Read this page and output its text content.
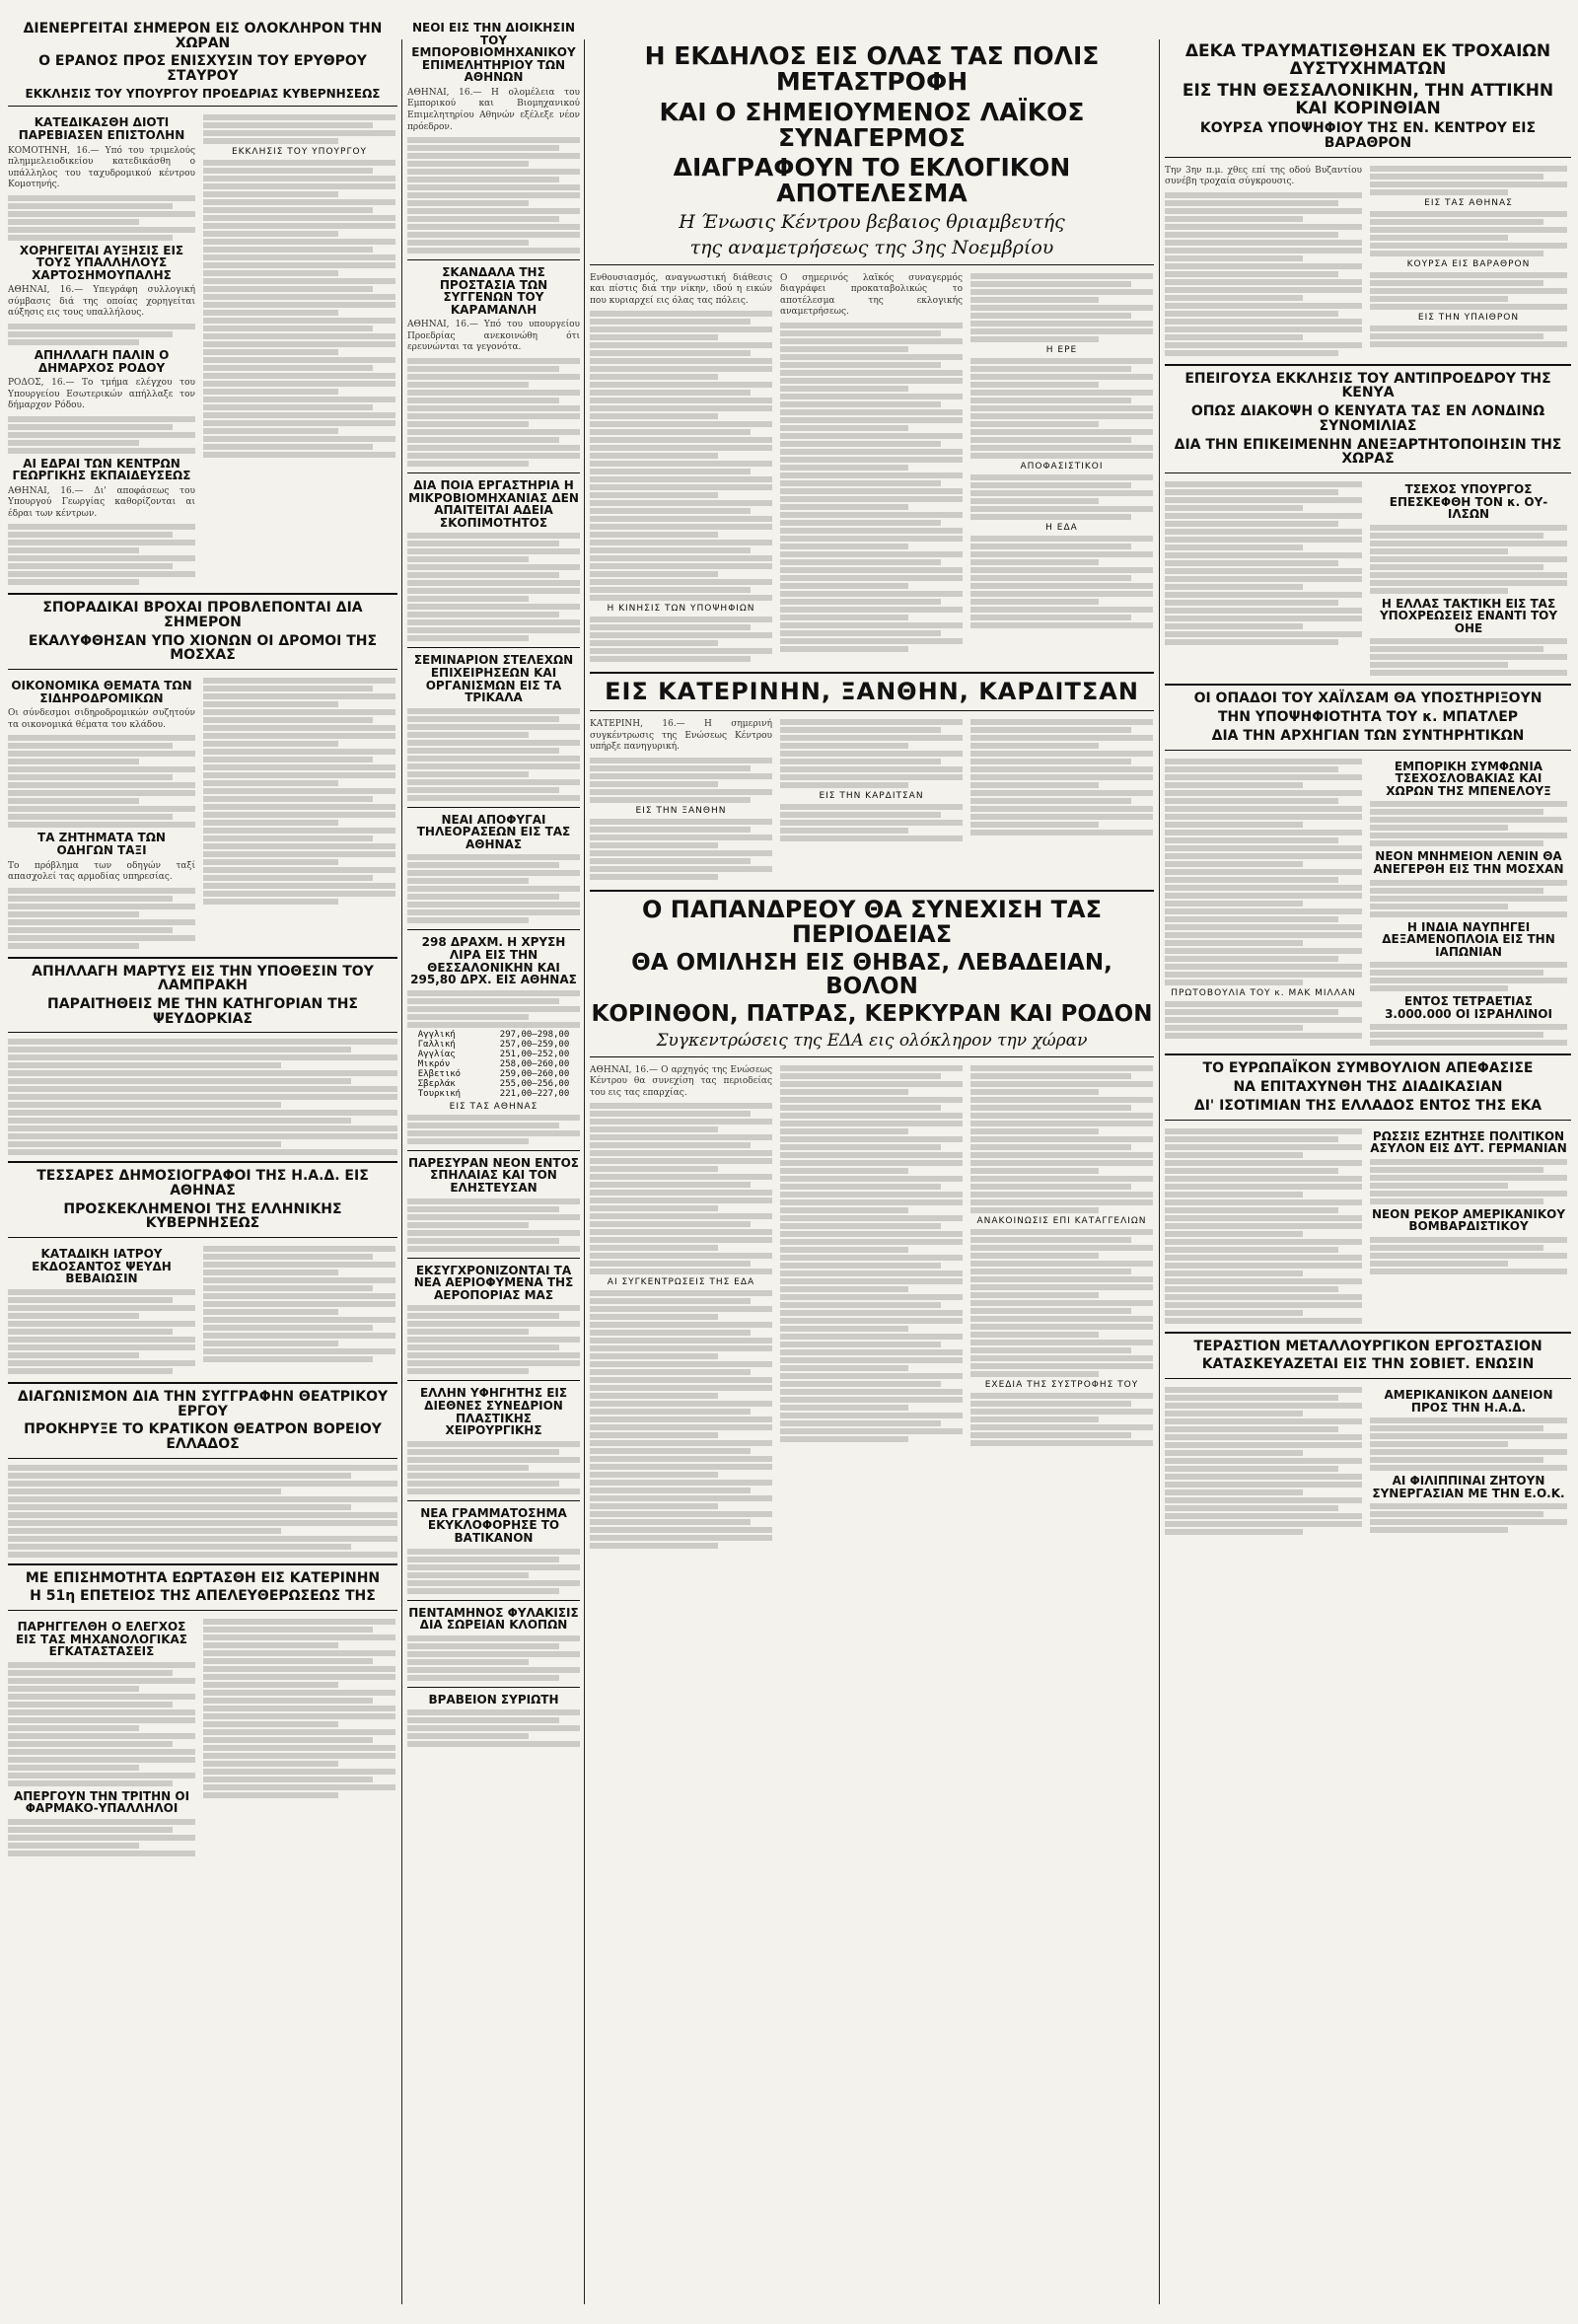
ΔΙΕΝΕΡΓΕΙΤΑΙ ΣΗΜΕΡΟΝ ΕΙΣ ΟΛΟΚΛΗΡΟΝ ΤΗΝ ΧΩΡΑΝ
Ο ΕΡΑΝΟΣ ΠΡΟΣ ΕΝΙΣΧΥΣΙΝ ΤΟΥ ΕΡΥΘΡΟΥ ΣΤΑΥΡΟΥ
ΕΚΚΛΗΣΙΣ ΤΟΥ ΥΠΟΥΡΓΟΥ ΠΡΟΕΔΡΙΑΣ ΚΥΒΕΡΝΗΣΕΩΣ
ΚΑΤΕΔΙΚΑΣΘΗ ΔΙΟΤΙ ΠΑΡΕΒΙΑΣΕΝ ΕΠΙΣΤΟΛΗΝ
ΚΟΜΟΤΗΝΗ, 16.— Υπό του τριμελούς πλημμελειοδικείου κατεδικάσθη ο υπάλληλος του ταχυδρομικού κέντρου Κομοτηνής.
ΧΟΡΗΓΕΙΤΑΙ ΑΥΞΗΣΙΣ ΕΙΣ ΤΟΥΣ ΥΠΑΛΛΗΛΟΥΣ ΧΑΡΤΟΣΗΜΟΥΠΑΛΗΣ
ΑΘΗΝΑΙ, 16.— Υπεγράφη συλλογική σύμβασις διά της οποίας χορηγείται αύξησις εις τους υπαλλήλους.
ΑΠΗΛΛΑΓΗ ΠΑΛΙΝ Ο ΔΗΜΑΡΧΟΣ ΡΟΔΟΥ
ΡΟΔΟΣ, 16.— Το τμήμα ελέγχου του Υπουργείου Εσωτερικών απήλλαξε τον δήμαρχον Ρόδου.
ΑΙ ΕΔΡΑΙ ΤΩΝ ΚΕΝΤΡΩΝ ΓΕΩΡΓΙΚΗΣ ΕΚΠΑΙΔΕΥΣΕΩΣ
ΑΘΗΝΑΙ, 16.— Δι' αποφάσεως του Υπουργού Γεωργίας καθορίζονται αι έδραι των κέντρων.
ΕΚΚΛΗΣΙΣ ΤΟΥ ΥΠΟΥΡΓΟΥ
ΣΠΟΡΑΔΙΚΑΙ ΒΡΟΧΑΙ ΠΡΟΒΛΕΠΟΝΤΑΙ ΔΙΑ ΣΗΜΕΡΟΝ
ΕΚΑΛΥΦΘΗΣΑΝ ΥΠΟ ΧΙΟΝΩΝ ΟΙ ΔΡΟΜΟΙ ΤΗΣ ΜΟΣΧΑΣ
ΟΙΚΟΝΟΜΙΚΑ ΘΕΜΑΤΑ ΤΩΝ ΣΙΔΗΡΟΔΡΟΜΙΚΩΝ
Οι σύνδεσμοι σιδηροδρομικών συζητούν τα οικονομικά θέματα του κλάδου.
ΤΑ ΖΗΤΗΜΑΤΑ ΤΩΝ ΟΔΗΓΩΝ ΤΑΞΙ
Το πρόβλημα των οδηγών ταξί απασχολεί τας αρμοδίας υπηρεσίας.
ΑΠΗΛΛΑΓΗ ΜΑΡΤΥΣ ΕΙΣ ΤΗΝ ΥΠΟΘΕΣΙΝ ΤΟΥ ΛΑΜΠΡΑΚΗ
ΠΑΡΑΙΤΗΘΕΙΣ ΜΕ ΤΗΝ ΚΑΤΗΓΟΡΙΑΝ ΤΗΣ ΨΕΥΔΟΡΚΙΑΣ
ΤΕΣΣΑΡΕΣ ΔΗΜΟΣΙΟΓΡΑΦΟΙ ΤΗΣ Η.Α.Δ. ΕΙΣ ΑΘΗΝΑΣ
ΠΡΟΣΚΕΚΛΗΜΕΝΟΙ ΤΗΣ ΕΛΛΗΝΙΚΗΣ ΚΥΒΕΡΝΗΣΕΩΣ
ΚΑΤΑΔΙΚΗ ΙΑΤΡΟΥ ΕΚΔΟΣΑΝΤΟΣ ΨΕΥΔΗ ΒΕΒΑΙΩΣΙΝ
ΔΙΑΓΩΝΙΣΜΟΝ ΔΙΑ ΤΗΝ ΣΥΓΓΡΑΦΗΝ ΘΕΑΤΡΙΚΟΥ ΕΡΓΟΥ
ΠΡΟΚΗΡΥΞΕ ΤΟ ΚΡΑΤΙΚΟΝ ΘΕΑΤΡΟΝ ΒΟΡΕΙΟΥ ΕΛΛΑΔΟΣ
ΜΕ ΕΠΙΣΗΜΟΤΗΤΑ ΕΩΡΤΑΣΘΗ ΕΙΣ ΚΑΤΕΡΙΝΗΝ
Η 51η ΕΠΕΤΕΙΟΣ ΤΗΣ ΑΠΕΛΕΥΘΕΡΩΣΕΩΣ ΤΗΣ
ΠΑΡΗΓΓΕΛΘΗ Ο ΕΛΕΓΧΟΣ ΕΙΣ ΤΑΣ ΜΗΧΑΝΟΛΟΓΙΚΑΣ ΕΓΚΑΤΑΣΤΑΣΕΙΣ
ΑΠΕΡΓΟΥΝ ΤΗΝ ΤΡΙΤΗΝ ΟΙ ΦΑΡΜΑΚΟ-ΥΠΑΛΛΗΛΟΙ
ΝΕΟΙ ΕΙΣ ΤΗΝ ΔΙΟΙΚΗΣΙΝ ΤΟΥ ΕΜΠΟΡΟΒΙΟΜΗΧΑΝΙΚΟΥ ΕΠΙΜΕΛΗΤΗΡΙΟΥ ΤΩΝ ΑΘΗΝΩΝ
ΑΘΗΝΑΙ, 16.— Η ολομέλεια του Εμπορικού και Βιομηχανικού Επιμελητηρίου Αθηνών εξέλεξε νέον πρόεδρον.
ΣΚΑΝΔΑΛΑ ΤΗΣ ΠΡΟΣΤΑΣΙΑ ΤΩΝ ΣΥΓΓΕΝΩΝ ΤΟΥ ΚΑΡΑΜΑΝΛΗ
ΑΘΗΝΑΙ, 16.— Υπό του υπουργείου Προεδρίας ανεκοινώθη ότι ερευνώνται τα γεγονότα.
ΔΙΑ ΠΟΙΑ ΕΡΓΑΣΤΗΡΙΑ Η ΜΙΚΡΟΒΙΟΜΗΧΑΝΙΑΣ ΔΕΝ ΑΠΑΙΤΕΙΤΑΙ ΑΔΕΙΑ ΣΚΟΠΙΜΟΤΗΤΟΣ
ΣΕΜΙΝΑΡΙΟΝ ΣΤΕΛΕΧΩΝ ΕΠΙΧΕΙΡΗΣΕΩΝ ΚΑΙ ΟΡΓΑΝΙΣΜΩΝ ΕΙΣ ΤΑ ΤΡΙΚΑΛΑ
ΝΕΑΙ ΑΠΟΦΥΓΑΙ ΤΗΛΕΟΡΑΣΕΩΝ ΕΙΣ ΤΑΣ ΑΘΗΝΑΣ
298 ΔΡΑΧΜ. Η ΧΡΥΣΗ ΛΙΡΑ ΕΙΣ ΤΗΝ ΘΕΣΣΑΛΟΝΙΚΗΝ ΚΑΙ 295,80 ΔΡΧ. ΕΙΣ ΑΘΗΝΑΣ
Αγγλική	297,00—298,00
Γαλλική	257,00—259,00
Αγγλίας	251,00—252,00
Μικρόν	258,00—260,00
Ελβετικό	259,00—260,00
Σβερλάκ	255,00—256,00
Τουρκική	221,00—227,00
ΕΙΣ ΤΑΣ ΑΘΗΝΑΣ
ΠΑΡΕΣΥΡΑΝ ΝΕΟΝ ΕΝΤΟΣ ΣΠΗΛΑΙΑΣ ΚΑΙ ΤΟΝ ΕΛΗΣΤΕΥΣΑΝ
ΕΚΣΥΓΧΡΟΝΙΖΟΝΤΑΙ ΤΑ ΝΕΑ ΑΕΡΙΟΦΥΜΕΝΑ ΤΗΣ ΑΕΡΟΠΟΡΙΑΣ ΜΑΣ
ΕΛΛΗΝ ΥΦΗΓΗΤΗΣ ΕΙΣ ΔΙΕΘΝΕΣ ΣΥΝΕΔΡΙΟΝ ΠΛΑΣΤΙΚΗΣ ΧΕΙΡΟΥΡΓΙΚΗΣ
ΝΕΑ ΓΡΑΜΜΑΤΟΣΗΜΑ ΕΚΥΚΛΟΦΟΡΗΣΕ ΤΟ ΒΑΤΙΚΑΝΟΝ
ΠΕΝΤΑΜΗΝΟΣ ΦΥΛΑΚΙΣΙΣ ΔΙΑ ΣΩΡΕΙΑΝ ΚΛΟΠΩΝ
ΒΡΑΒΕΙΟΝ ΣΥΡΙΩΤΗ
Η ΕΚΔΗΛΟΣ ΕΙΣ ΟΛΑΣ ΤΑΣ ΠΟΛΙΣ ΜΕΤΑΣΤΡΟΦΗ
ΚΑΙ Ο ΣΗΜΕΙΟΥΜΕΝΟΣ ΛΑΪΚΟΣ ΣΥΝΑΓΕΡΜΟΣ
ΔΙΑΓΡΑΦΟΥΝ ΤΟ ΕΚΛΟΓΙΚΟΝ ΑΠΟΤΕΛΕΣΜΑ
Η Ένωσις Κέντρου βεβαιος θριαμβευτής
της αναμετρήσεως της 3ης Νοεμβρίου
Ενθουσιασμός, αναγνωστική διάθεσις και πίστις διά την νίκην, ιδού η εικών που κυριαρχεί εις όλας τας πόλεις.
Η ΚΙΝΗΣΙΣ ΤΩΝ ΥΠΟΨΗΦΙΩΝ
Ο σημερινός λαϊκός συναγερμός διαγράφει προκαταβολικώς το αποτέλεσμα της εκλογικής αναμετρήσεως.
Η ΕΡΕ
ΑΠΟΦΑΣΙΣΤΙΚΟΙ
Η ΕΔΑ
ΕΙΣ ΚΑΤΕΡΙΝΗΝ, ΞΑΝΘΗΝ, ΚΑΡΔΙΤΣΑΝ
ΚΑΤΕΡΙΝΗ, 16.— Η σημερινή συγκέντρωσις της Ενώσεως Κέντρου υπήρξε πανηγυρική.
ΕΙΣ ΤΗΝ ΞΑΝΘΗΝ
ΕΙΣ ΤΗΝ ΚΑΡΔΙΤΣΑΝ
Ο ΠΑΠΑΝΔΡΕΟΥ ΘΑ ΣΥΝΕΧΙΣΗ ΤΑΣ ΠΕΡΙΟΔΕΙΑΣ
ΘΑ ΟΜΙΛΗΣΗ ΕΙΣ ΘΗΒΑΣ, ΛΕΒΑΔΕΙΑΝ, ΒΟΛΟΝ
ΚΟΡΙΝΘΟΝ, ΠΑΤΡΑΣ, ΚΕΡΚΥΡΑΝ ΚΑΙ ΡΟΔΟΝ
Συγκεντρώσεις της ΕΔΑ εις ολόκληρον την χώραν
ΑΘΗΝΑΙ, 16.— Ο αρχηγός της Ενώσεως Κέντρου θα συνεχίση τας περιοδείας του εις τας επαρχίας.
ΑΙ ΣΥΓΚΕΝΤΡΩΣΕΙΣ ΤΗΣ ΕΔΑ
ΑΝΑΚΟΙΝΩΣΙΣ ΕΠΙ ΚΑΤΑΓΓΕΛΙΩΝ
ΕΧΕΔΙΑ ΤΗΣ ΣΥΣΤΡΟΦΗΣ ΤΟΥ
ΔΕΚΑ ΤΡΑΥΜΑΤΙΣΘΗΣΑΝ ΕΚ ΤΡΟΧΑΙΩΝ ΔΥΣΤΥΧΗΜΑΤΩΝ
ΕΙΣ ΤΗΝ ΘΕΣΣΑΛΟΝΙΚΗΝ, ΤΗΝ ΑΤΤΙΚΗΝ ΚΑΙ ΚΟΡΙΝΘΙΑΝ
ΚΟΥΡΣΑ ΥΠΟΨΗΦΙΟΥ ΤΗΣ ΕΝ. ΚΕΝΤΡΟΥ ΕΙΣ ΒΑΡΑΘΡΟΝ
Την 3ην π.μ. χθες επί της οδού Βυζαντίου συνέβη τροχαία σύγκρουσις.
ΕΙΣ ΤΑΣ ΑΘΗΝΑΣ
ΚΟΥΡΣΑ ΕΙΣ ΒΑΡΑΘΡΟΝ
ΕΙΣ ΤΗΝ ΥΠΑΙΘΡΟΝ
ΕΠΕΙΓΟΥΣΑ ΕΚΚΛΗΣΙΣ ΤΟΥ ΑΝΤΙΠΡΟΕΔΡΟΥ ΤΗΣ ΚΕΝΥΑ
ΟΠΩΣ ΔΙΑΚΟΨΗ Ο ΚΕΝΥΑΤΑ ΤΑΣ ΕΝ ΛΟΝΔΙΝΩ ΣΥΝΟΜΙΛΙΑΣ
ΔΙΑ ΤΗΝ ΕΠΙΚΕΙΜΕΝΗΝ ΑΝΕΞΑΡΤΗΤΟΠΟΙΗΣΙΝ ΤΗΣ ΧΩΡΑΣ
ΤΣΕΧΟΣ ΥΠΟΥΡΓΟΣ ΕΠΕΣΚΕΦΘΗ ΤΟΝ κ. ΟΥ-ΙΛΣΩΝ
Η ΕΛΛΑΣ ΤΑΚΤΙΚΗ ΕΙΣ ΤΑΣ ΥΠΟΧΡΕΩΣΕΙΣ ΕΝΑΝΤΙ ΤΟΥ ΟΗΕ
ΟΙ ΟΠΑΔΟΙ ΤΟΥ ΧΑΪΛΣΑΜ ΘΑ ΥΠΟΣΤΗΡΙΞΟΥΝ
ΤΗΝ ΥΠΟΨΗΦΙΟΤΗΤΑ ΤΟΥ κ. ΜΠΑΤΛΕΡ
ΔΙΑ ΤΗΝ ΑΡΧΗΓΙΑΝ ΤΩΝ ΣΥΝΤΗΡΗΤΙΚΩΝ
ΠΡΩΤΟΒΟΥΛΙΑ ΤΟΥ κ. ΜΑΚ ΜΙΛΛΑΝ
ΕΜΠΟΡΙΚΗ ΣΥΜΦΩΝΙΑ ΤΣΕΧΟΣΛΟΒΑΚΙΑΣ ΚΑΙ ΧΩΡΩΝ ΤΗΣ ΜΠΕΝΕΛΟΥΞ
ΝΕΟΝ ΜΝΗΜΕΙΟΝ ΛΕΝΙΝ ΘΑ ΑΝΕΓΕΡΘΗ ΕΙΣ ΤΗΝ ΜΟΣΧΑΝ
Η ΙΝΔΙΑ ΝΑΥΠΗΓΕΙ ΔΕΞΑΜΕΝΟΠΛΟΙΑ ΕΙΣ ΤΗΝ ΙΑΠΩΝΙΑΝ
ΕΝΤΟΣ ΤΕΤΡΑΕΤΙΑΣ 3.000.000 ΟΙ ΙΣΡΑΗΛΙΝΟΙ
ΤΟ ΕΥΡΩΠΑΪΚΟΝ ΣΥΜΒΟΥΛΙΟΝ ΑΠΕΦΑΣΙΣΕ
ΝΑ ΕΠΙΤΑΧΥΝΘΗ ΤΗΣ ΔΙΑΔΙΚΑΣΙΑΝ
ΔΙ' ΙΣΟΤΙΜΙΑΝ ΤΗΣ ΕΛΛΑΔΟΣ ΕΝΤΟΣ ΤΗΣ ΕΚΑ
ΡΩΣΣΙΣ ΕΖΗΤΗΣΕ ΠΟΛΙΤΙΚΟΝ ΑΣΥΛΟΝ ΕΙΣ ΔΥΤ. ΓΕΡΜΑΝΙΑΝ
ΝΕΟΝ ΡΕΚΟΡ ΑΜΕΡΙΚΑΝΙΚΟΥ ΒΟΜΒΑΡΔΙΣΤΙΚΟΥ
ΤΕΡΑΣΤΙΟΝ ΜΕΤΑΛΛΟΥΡΓΙΚΟΝ ΕΡΓΟΣΤΑΣΙΟΝ
ΚΑΤΑΣΚΕΥΑΖΕΤΑΙ ΕΙΣ ΤΗΝ ΣΟΒΙΕΤ. ΕΝΩΣΙΝ
ΑΜΕΡΙΚΑΝΙΚΟΝ ΔΑΝΕΙΟΝ ΠΡΟΣ ΤΗΝ Η.Α.Δ.
ΑΙ ΦΙΛΙΠΠΙΝΑΙ ΖΗΤΟΥΝ ΣΥΝΕΡΓΑΣΙΑΝ ΜΕ ΤΗΝ Ε.Ο.Κ.
